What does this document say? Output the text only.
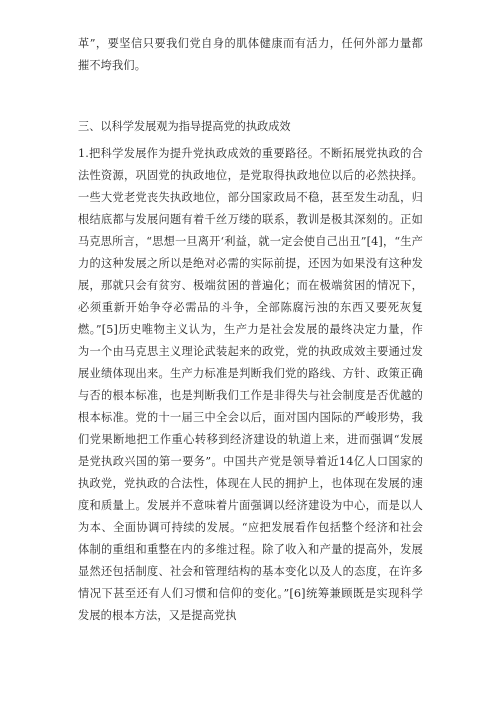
革”，要坚信只要我们党自身的肌体健康而有活力，任何外部力量都摧不垮我们。

三、以科学发展观为指导提高党的执政成效

1.把科学发展作为提升党执政成效的重要路径。不断拓展党执政的合法性资源，巩固党的执政地位，是党取得执政地位以后的必然抉择。一些大党老党丧失执政地位，部分国家政局不稳，甚至发生动乱，归根结底都与发展问题有着千丝万缕的联系，教训是极其深刻的。正如马克思所言，“思想一旦离开‘利益，就一定会使自己出丑”[4]，“生产力的这种发展之所以是绝对必需的实际前提，还因为如果没有这种发展，那就只会有贫穷、极端贫困的普遍化；而在极端贫困的情况下，必须重新开始争夺必需品的斗争，全部陈腐污浊的东西又要死灰复燃。”[5]历史唯物主义认为，生产力是社会发展的最终决定力量，作为一个由马克思主义理论武装起来的政党，党的执政成效主要通过发展业绩体现出来。生产力标准是判断我们党的路线、方针、政策正确与否的根本标准，也是判断我们工作是非得失与社会制度是否优越的根本标准。党的十一届三中全会以后，面对国内国际的严峻形势，我们党果断地把工作重心转移到经济建设的轨道上来，进而强调“发展是党执政兴国的第一要务”。中国共产党是领导着近14亿人口国家的执政党，党执政的合法性，体现在人民的拥护上，也体现在发展的速度和质量上。发展并不意味着片面强调以经济建设为中心，而是以人为本、全面协调可持续的发展。“应把发展看作包括整个经济和社会体制的重组和重整在内的多维过程。除了收入和产量的提高外，发展显然还包括制度、社会和管理结构的基本变化以及人的态度，在许多情况下甚至还有人们习惯和信仰的变化。”[6]统筹兼顾既是实现科学发展的根本方法，又是提高党执
